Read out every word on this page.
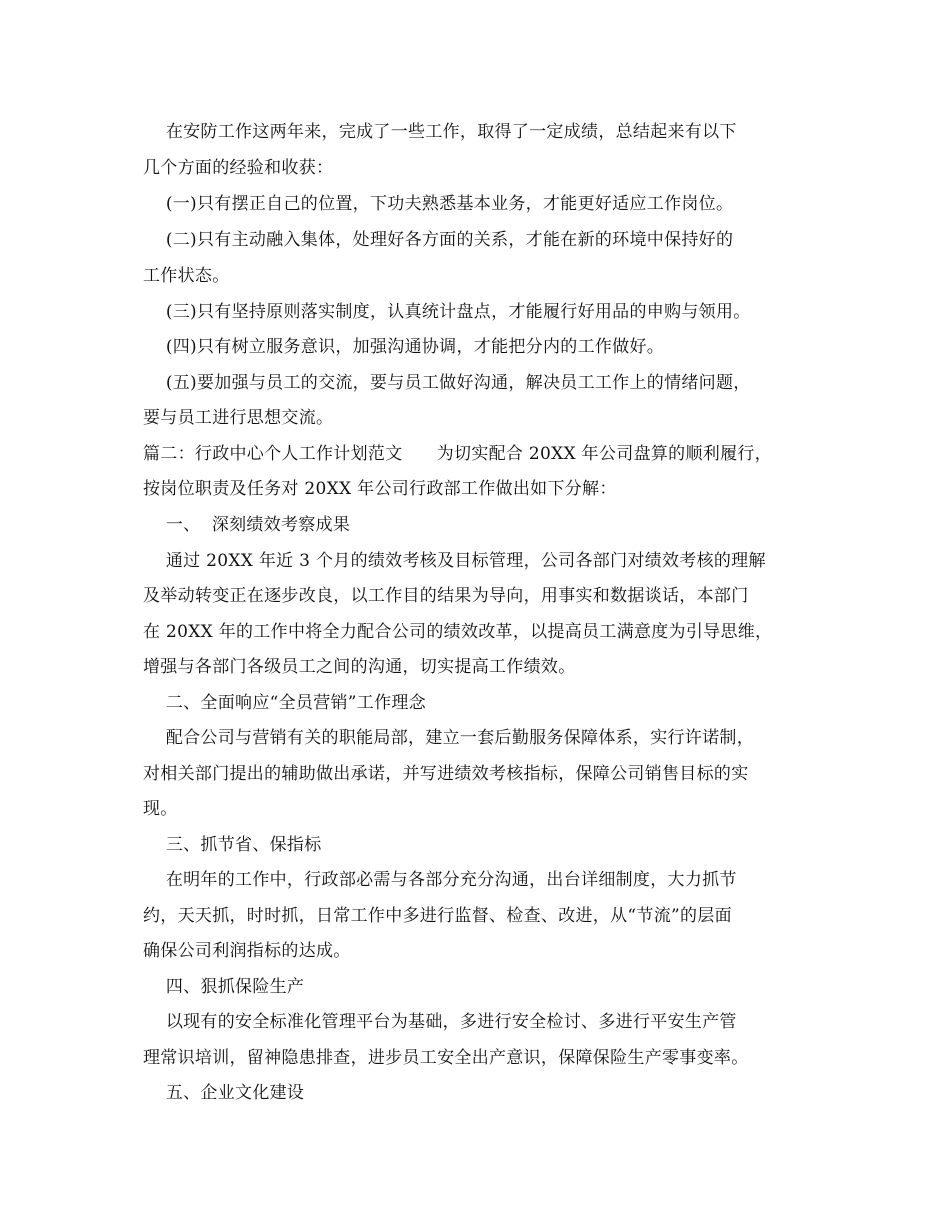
在安防工作这两年来，完成了一些工作，取得了一定成绩，总结起来有以下
几个方面的经验和收获：
(一)只有摆正自己的位置，下功夫熟悉基本业务，才能更好适应工作岗位。
(二)只有主动融入集体，处理好各方面的关系，才能在新的环境中保持好的
工作状态。
(三)只有坚持原则落实制度，认真统计盘点，才能履行好用品的申购与领用。
(四)只有树立服务意识，加强沟通协调，才能把分内的工作做好。
(五)要加强与员工的交流，要与员工做好沟通，解决员工工作上的情绪问题，
要与员工进行思想交流。
篇二：行政中心个人工作计划范文      为切实配合 20XX 年公司盘算的顺利履行，
按岗位职责及任务对 20XX 年公司行政部工作做出如下分解：
一、  深刻绩效考察成果
通过 20XX 年近 3 个月的绩效考核及目标管理，公司各部门对绩效考核的理解
及举动转变正在逐步改良，以工作目的结果为导向，用事实和数据谈话，本部门
在 20XX 年的工作中将全力配合公司的绩效改革，以提高员工满意度为引导思维，
增强与各部门各级员工之间的沟通，切实提高工作绩效。
二、全面响应“全员营销”工作理念
配合公司与营销有关的职能局部，建立一套后勤服务保障体系，实行许诺制，
对相关部门提出的辅助做出承诺，并写进绩效考核指标，保障公司销售目标的实
现。
三、抓节省、保指标
在明年的工作中，行政部必需与各部分充分沟通，出台详细制度，大力抓节
约，天天抓，时时抓，日常工作中多进行监督、检查、改进，从“节流”的层面
确保公司利润指标的达成。
四、狠抓保险生产
以现有的安全标准化管理平台为基础，多进行安全检讨、多进行平安生产管
理常识培训，留神隐患排查，进步员工安全出产意识，保障保险生产零事变率。
五、企业文化建设
